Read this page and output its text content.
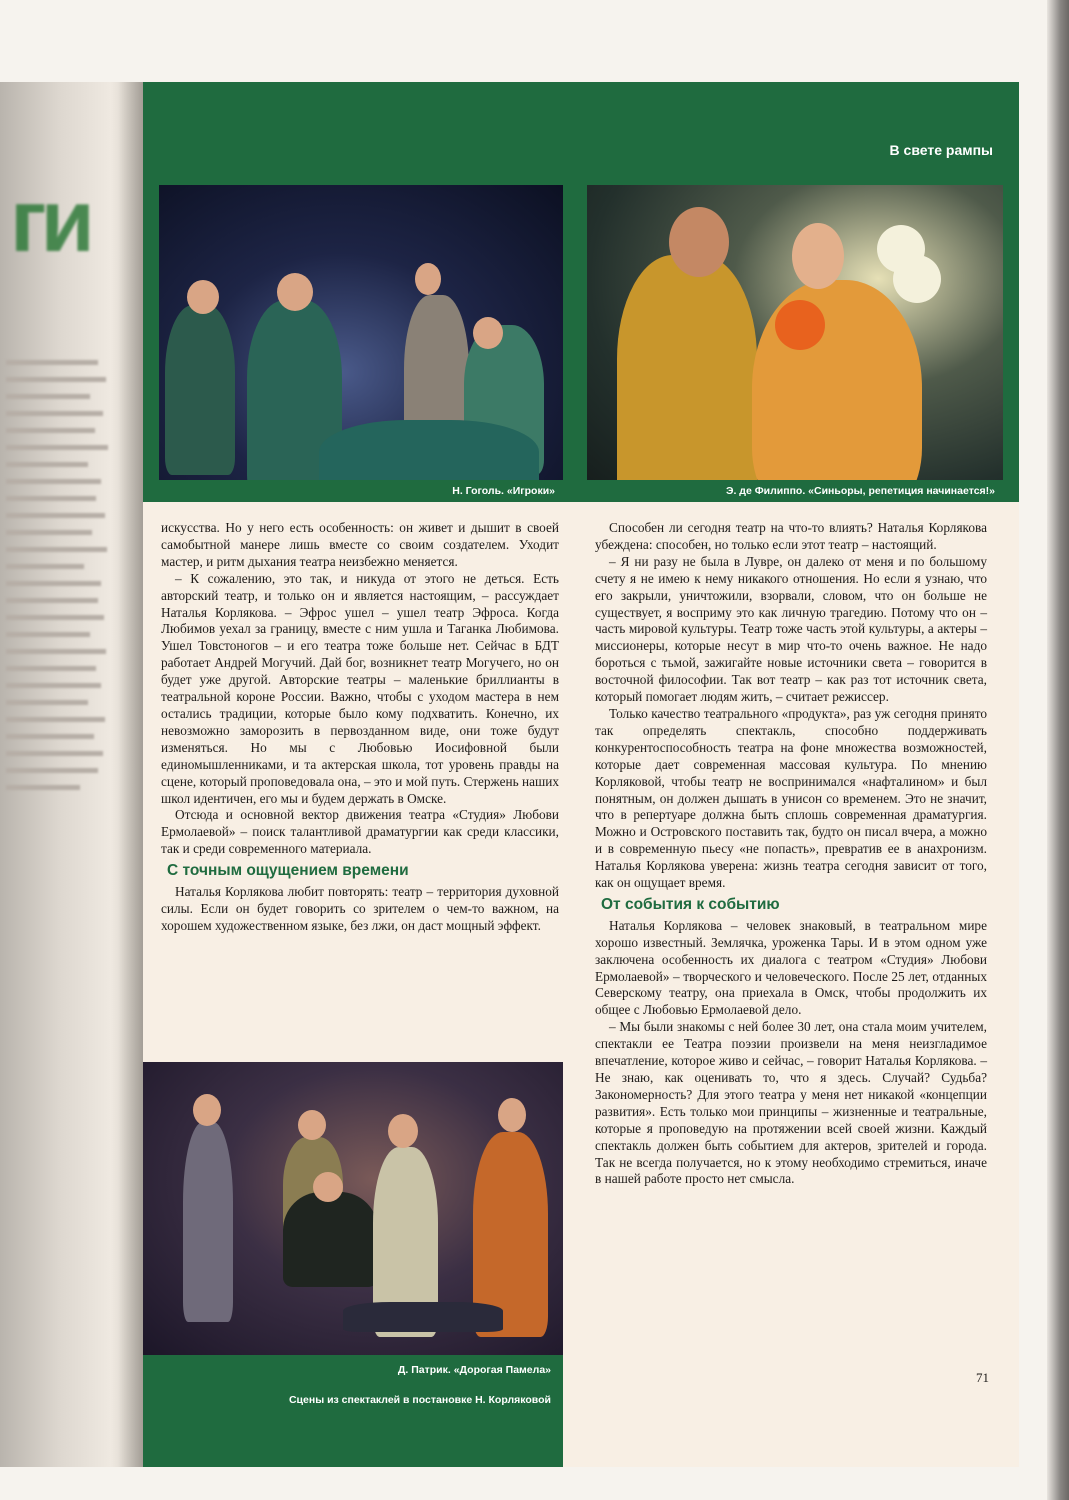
ги
В свете рампы
Н. Гоголь. «Игроки»	Э. де Филиппо. «Синьоры, репетиция начинается!»

искусства. Но у него есть особенность: он живет и дышит в своей самобытной манере лишь вместе со своим создателем. Уходит мастер, и ритм дыхания театра неизбежно меняется.

– К сожалению, это так, и никуда от этого не деться. Есть авторский театр, и только он и является настоящим, – рассуждает Наталья Корлякова. – Эфрос ушел – ушел театр Эфроса. Когда Любимов уехал за границу, вместе с ним ушла и Таганка Любимова. Ушел Товстоногов – и его театра тоже больше нет. Сейчас в БДТ работает Андрей Могучий. Дай бог, возникнет театр Могучего, но он будет уже другой. Авторские театры – маленькие бриллианты в театральной короне России. Важно, чтобы с уходом мастера в нем остались традиции, которые было кому подхватить. Конечно, их невозможно заморозить в первозданном виде, они тоже будут изменяться. Но мы с Любовью Иосифовной были единомышленниками, и та актерская школа, тот уровень правды на сцене, который проповедовала она, – это и мой путь. Стержень наших школ идентичен, его мы и будем держать в Омске.

Отсюда и основной вектор движения театра «Студия» Любови Ермолаевой» – поиск талантливой драматургии как среди классики, так и среди современного материала.

С точным ощущением времени

Наталья Корлякова любит повторять: театр – территория духовной силы. Если он будет говорить со зрителем о чем-то важном, на хорошем художественном языке, без лжи, он даст мощный эффект.

Способен ли сегодня театр на что-то влиять? Наталья Корлякова убеждена: способен, но только если этот театр – настоящий.

– Я ни разу не была в Лувре, он далеко от меня и по большому счету я не имею к нему никакого отношения. Но если я узнаю, что его закрыли, уничтожили, взорвали, словом, что он больше не существует, я восприму это как личную трагедию. Потому что он – часть мировой культуры. Театр тоже часть этой культуры, а актеры – миссионеры, которые несут в мир что-то очень важное. Не надо бороться с тьмой, зажигайте новые источники света – говорится в восточной философии. Так вот театр – как раз тот источник света, который помогает людям жить, – считает режиссер.

Только качество театрального «продукта», раз уж сегодня принято так определять спектакль, способно поддерживать конкурентоспособность театра на фоне множества возможностей, которые дает современная массовая культура. По мнению Корляковой, чтобы театр не воспринимался «нафталином» и был понятным, он должен дышать в унисон со временем. Это не значит, что в репертуаре должна быть сплошь современная драматургия. Можно и Островского поставить так, будто он писал вчера, а можно и в современную пьесу «не попасть», превратив ее в анахронизм. Наталья Корлякова уверена: жизнь театра сегодня зависит от того, как он ощущает время.

От события к событию

Наталья Корлякова – человек знаковый, в театральном мире хорошо известный. Землячка, уроженка Тары. И в этом одном уже заключена особенность их диалога с театром «Студия» Любови Ермолаевой» – творческого и человеческого. После 25 лет, отданных Северскому театру, она приехала в Омск, чтобы продолжить их общее с Любовью Ермолаевой дело.

– Мы были знакомы с ней более 30 лет, она стала моим учителем, спектакли ее Театра поэзии произвели на меня неизгладимое впечатление, которое живо и сейчас, – говорит Наталья Корлякова. – Не знаю, как оценивать то, что я здесь. Случай? Судьба? Закономерность? Для этого театра у меня нет никакой «концепции развития». Есть только мои принципы – жизненные и театральные, которые я проповедую на протяжении всей своей жизни. Каждый спектакль должен быть событием для актеров, зрителей и города. Так не всегда получается, но к этому необходимо стремиться, иначе в нашей работе просто нет смысла.

Д. Патрик. «Дорогая Памела»
Сцены из спектаклей в постановке Н. Корляковой
71
